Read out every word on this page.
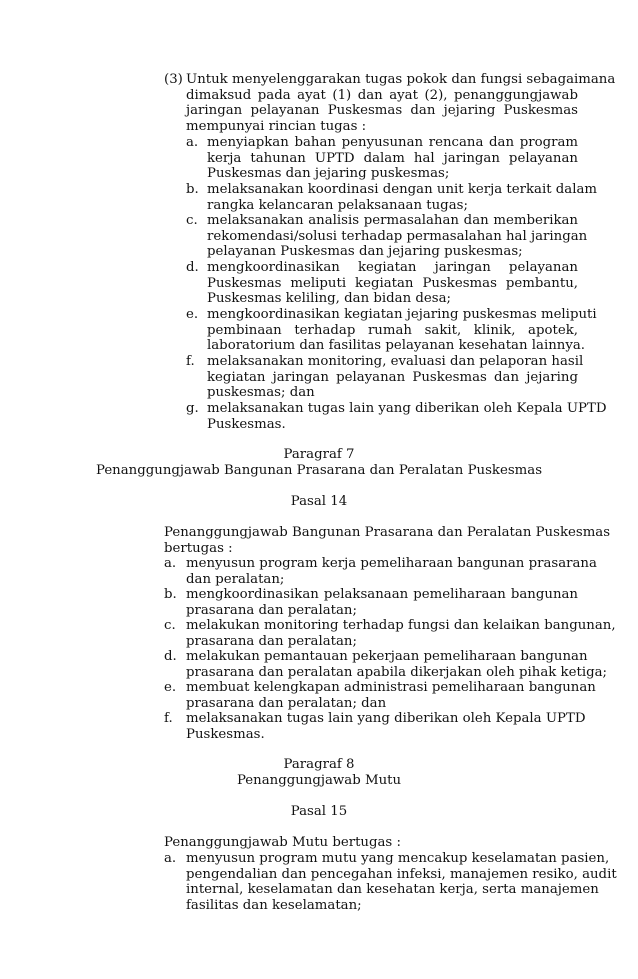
(3) Untuk menyelenggarakan tugas pokok dan fungsi sebagaimana
dimaksud pada ayat (1) dan ayat (2), penanggungjawab
jaringan pelayanan Puskesmas dan jejaring Puskesmas
mempunyai rincian tugas :
a. menyiapkan bahan penyusunan rencana dan program
kerja tahunan UPTD dalam hal jaringan pelayanan
Puskesmas dan jejaring puskesmas;
b. melaksanakan koordinasi dengan unit kerja terkait dalam
rangka kelancaran pelaksanaan tugas;
c. melaksanakan analisis permasalahan dan memberikan
rekomendasi/solusi terhadap permasalahan hal jaringan
pelayanan Puskesmas dan jejaring puskesmas;
d. mengkoordinasikan kegiatan jaringan pelayanan
Puskesmas meliputi kegiatan Puskesmas pembantu,
Puskesmas keliling, dan bidan desa;
e. mengkoordinasikan kegiatan jejaring puskesmas meliputi
pembinaan terhadap rumah sakit, klinik, apotek,
laboratorium dan fasilitas pelayanan kesehatan lainnya.
f. melaksanakan monitoring, evaluasi dan pelaporan hasil
kegiatan jaringan pelayanan Puskesmas dan jejaring
puskesmas; dan
g. melaksanakan tugas lain yang diberikan oleh Kepala UPTD
Puskesmas.
Paragraf 7
Penanggungjawab Bangunan Prasarana dan Peralatan Puskesmas
Pasal 14
Penanggungjawab Bangunan Prasarana dan Peralatan Puskesmas
bertugas :
a. menyusun program kerja pemeliharaan bangunan prasarana
dan peralatan;
b. mengkoordinasikan pelaksanaan pemeliharaan bangunan
prasarana dan peralatan;
c. melakukan monitoring terhadap fungsi dan kelaikan bangunan,
prasarana dan peralatan;
d. melakukan pemantauan pekerjaan pemeliharaan bangunan
prasarana dan peralatan apabila dikerjakan oleh pihak ketiga;
e. membuat kelengkapan administrasi pemeliharaan bangunan
prasarana dan peralatan; dan
f. melaksanakan tugas lain yang diberikan oleh Kepala UPTD
Puskesmas.
Paragraf 8
Penanggungjawab Mutu
Pasal 15
Penanggungjawab Mutu bertugas :
a. menyusun program mutu yang mencakup keselamatan pasien,
pengendalian dan pencegahan infeksi, manajemen resiko, audit
internal, keselamatan dan kesehatan kerja, serta manajemen
fasilitas dan keselamatan;
